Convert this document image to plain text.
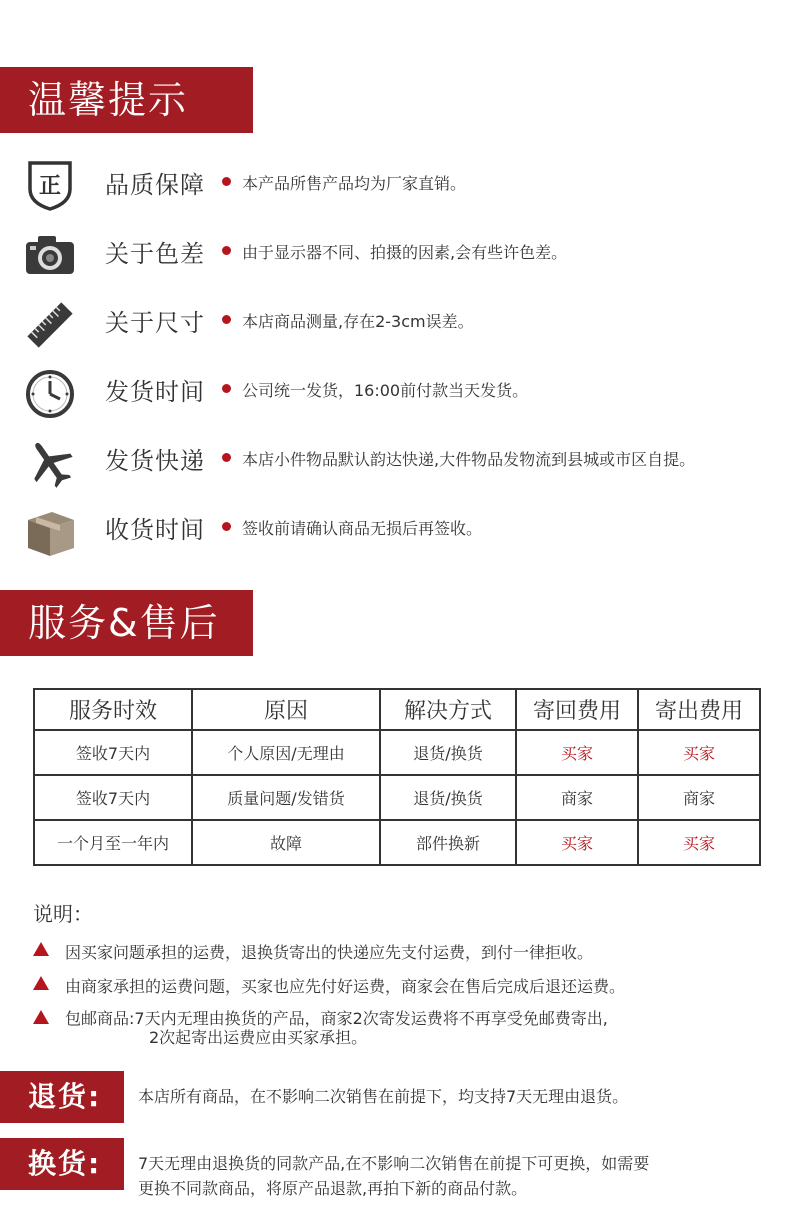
温馨提示
正 品质保障 本产品所售产品均为厂家直销。
关于色差 由于显示器不同、拍摄的因素,会有些许色差。
关于尺寸 本店商品测量,存在2-3cm误差。
发货时间 公司统一发货，16:00前付款当天发货。
发货快递 本店小件物品默认韵达快递,大件物品发物流到县城或市区自提。
收货时间 签收前请确认商品无损后再签收。
服务&售后
服务时效	原因	解决方式	寄回费用	寄出费用
签收7天内	个人原因/无理由	退货/换货	买家	买家
签收7天内	质量问题/发错货	退货/换货	商家	商家
一个月至一年内	故障	部件换新	买家	买家
说明：
因买家问题承担的运费，退换货寄出的快递应先支付运费，到付一律拒收。
由商家承担的运费问题，买家也应先付好运费，商家会在售后完成后退还运费。
包邮商品:7天内无理由换货的产品，商家2次寄发运费将不再享受免邮费寄出,
2次起寄出运费应由买家承担。
退货:	本店所有商品，在不影响二次销售在前提下，均支持7天无理由退货。
换货:	7天无理由退换货的同款产品,在不影响二次销售在前提下可更换，如需要
更换不同款商品，将原产品退款,再拍下新的商品付款。
